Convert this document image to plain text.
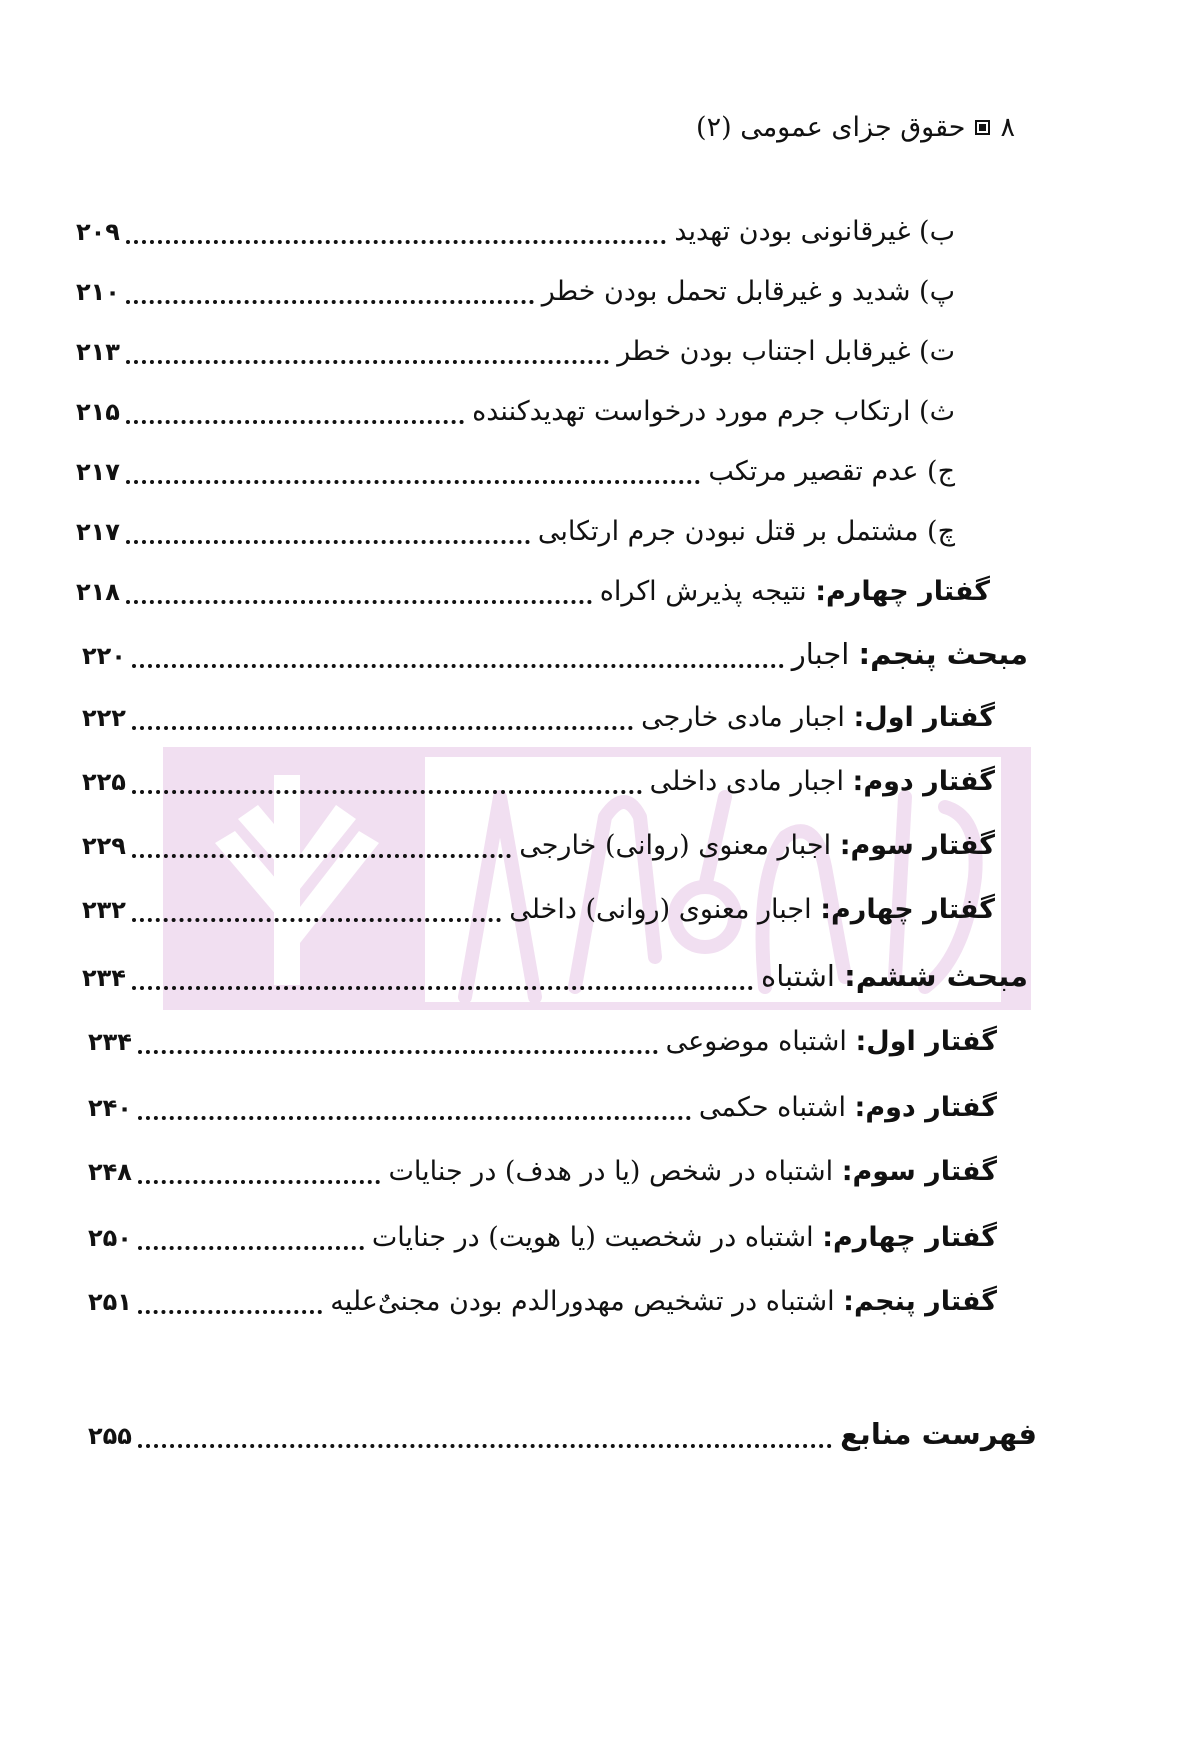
۸
حقوق جزای عمومی (۲)
ب) غیرقانونی بودن تهدید
۲۰۹
پ) شدید و غیرقابل تحمل بودن خطر
۲۱۰
ت) غیرقابل اجتناب بودن خطر
۲۱۳
ث) ارتکاب جرم مورد درخواست تهدیدکننده
۲۱۵
ج) عدم تقصیر مرتکب
۲۱۷
چ) مشتمل بر قتل نبودن جرم ارتکابی
۲۱۷
گفتار چهارم: نتیجه پذیرش اکراه
۲۱۸
مبحث پنجم: اجبار
۲۲۰
گفتار اول: اجبار مادی خارجی
۲۲۲
گفتار دوم: اجبار مادی داخلی
۲۲۵
گفتار سوم: اجبار معنوی (روانی) خارجی
۲۲۹
گفتار چهارم: اجبار معنوی (روانی) داخلی
۲۳۲
مبحث ششم: اشتباه
۲۳۴
گفتار اول: اشتباه موضوعی
۲۳۴
گفتار دوم: اشتباه حکمی
۲۴۰
گفتار سوم: اشتباه در شخص (یا در هدف) در جنایات
۲۴۸
گفتار چهارم: اشتباه در شخصیت (یا هویت) در جنایات
۲۵۰
گفتار پنجم: اشتباه در تشخیص مهدورالدم بودن مجنیٌ‌علیه
۲۵۱
فهرست منابع
۲۵۵
